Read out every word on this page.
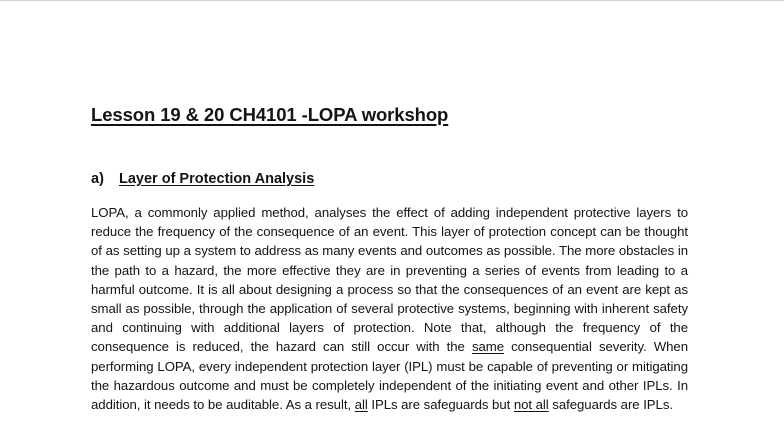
Lesson 19 & 20 CH4101 -LOPA workshop
a) Layer of Protection Analysis

LOPA, a commonly applied method, analyses the effect of adding independent protective layers to reduce the frequency of the consequence of an event. This layer of protection concept can be thought of as setting up a system to address as many events and outcomes as possible. The more obstacles in the path to a hazard, the more effective they are in preventing a series of events from leading to a harmful outcome. It is all about designing a process so that the consequences of an event are kept as small as possible, through the application of several protective systems, beginning with inherent safety and continuing with additional layers of protection. Note that, although the frequency of the consequence is reduced, the hazard can still occur with the same consequential severity. When performing LOPA, every independent protection layer (IPL) must be capable of preventing or mitigating the hazardous outcome and must be completely independent of the initiating event and other IPLs. In addition, it needs to be auditable. As a result, all IPLs are safeguards but not all safeguards are IPLs.
